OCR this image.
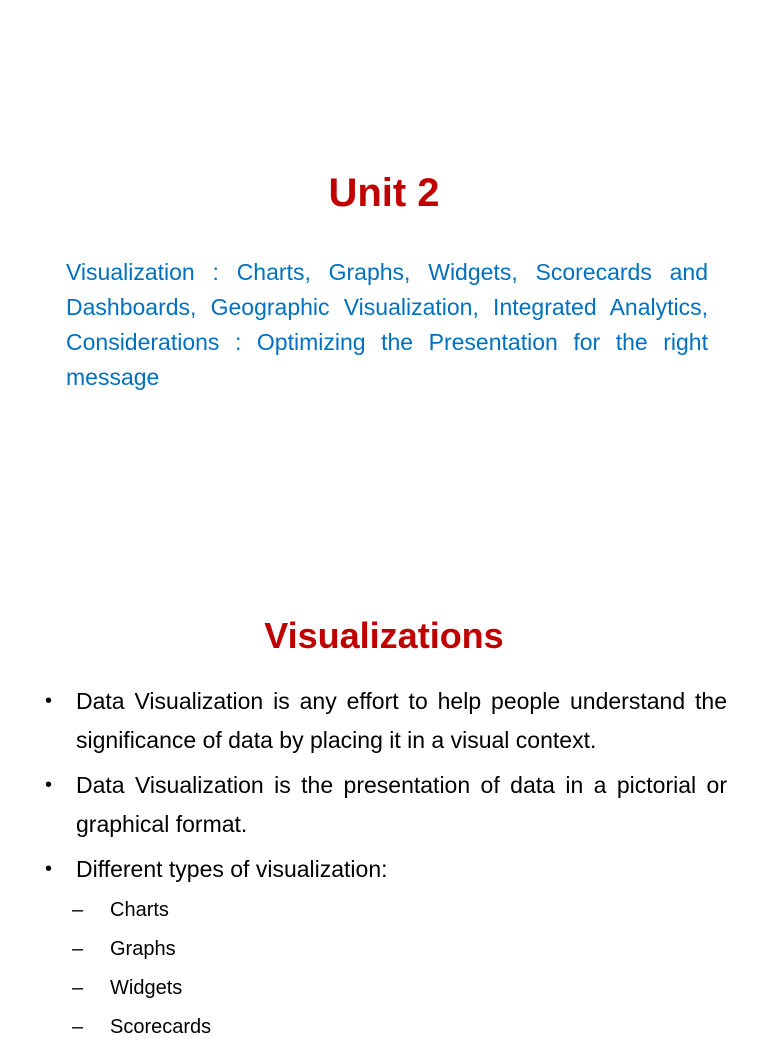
Unit 2
Visualization : Charts, Graphs, Widgets, Scorecards and Dashboards, Geographic Visualization, Integrated Analytics, Considerations : Optimizing the Presentation for the right message
Visualizations
• Data Visualization is any effort to help people understand the significance of data by placing it in a visual context.
• Data Visualization is the presentation of data in a pictorial or graphical format.
• Different types of visualization:
– Charts
– Graphs
– Widgets
– Scorecards
